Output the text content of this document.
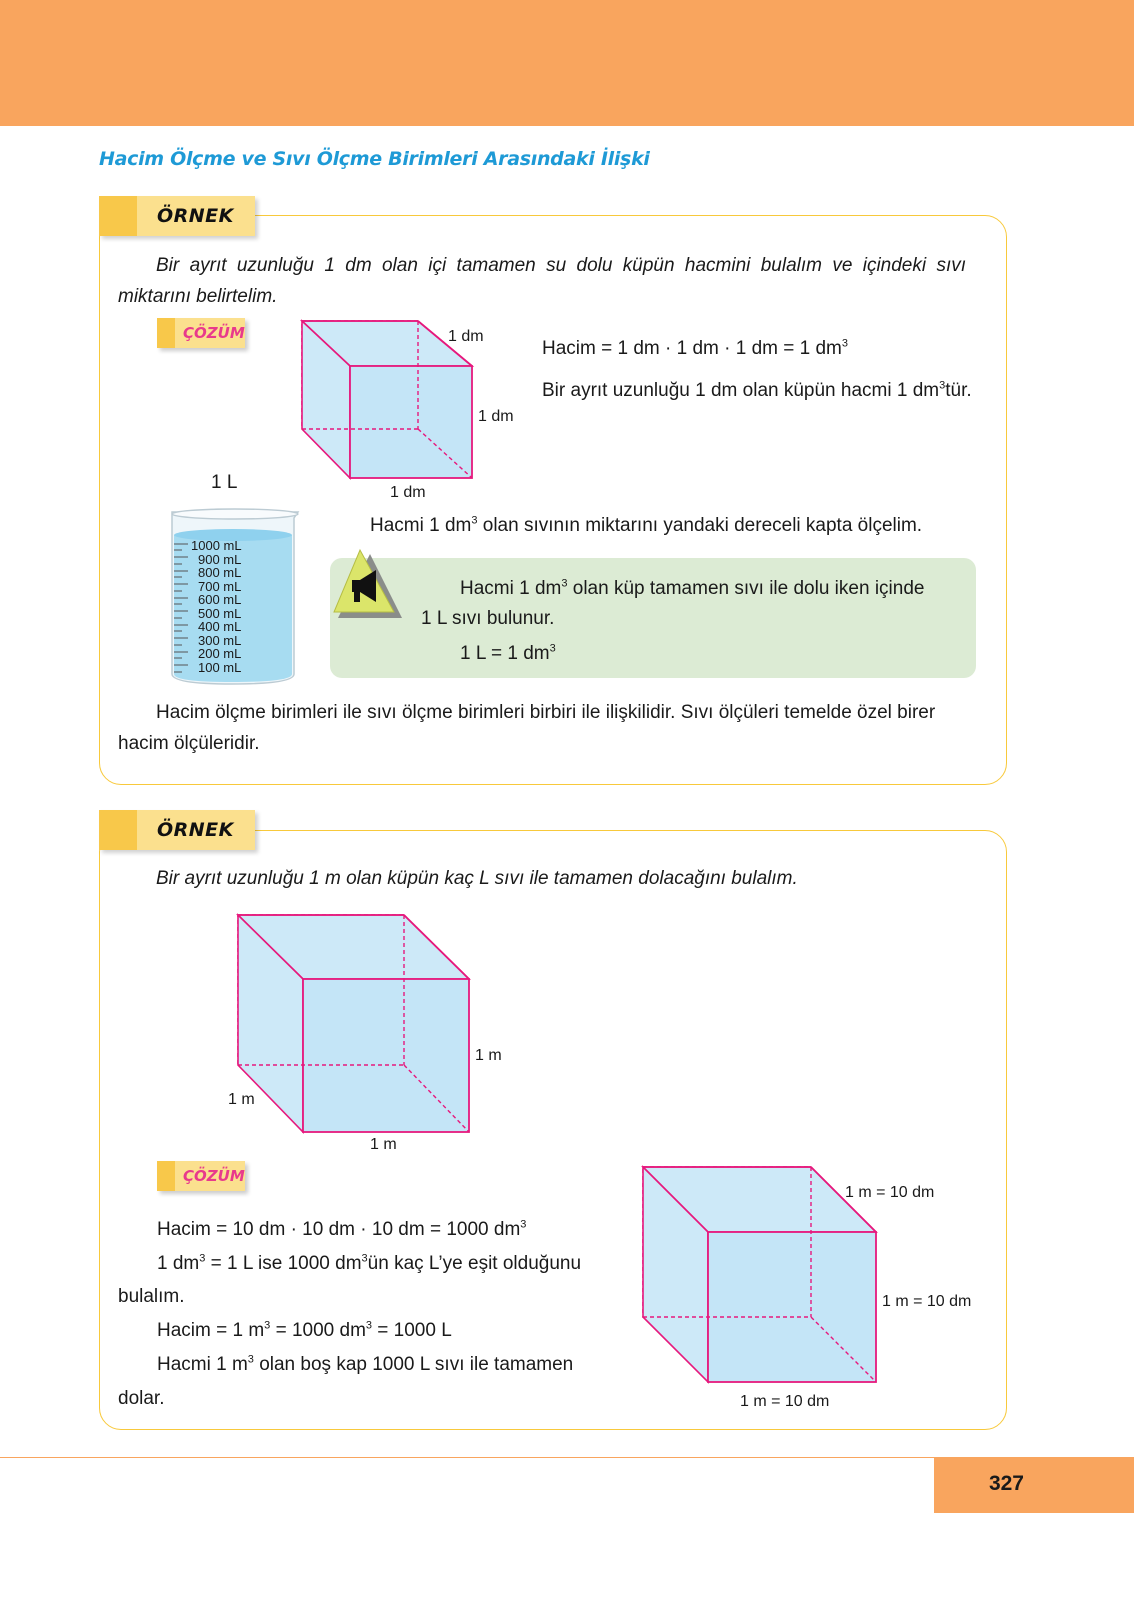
Hacim Ölçme ve Sıvı Ölçme Birimleri Arasındaki İlişki
ÖRNEK
Bir ayrıt uzunluğu 1 dm olan içi tamamen su dolu küpün hacmini bulalım ve içindeki sıvı miktarını belirtelim.
ÇÖZÜM	1 dm
1 dm
1 dm
Hacim = 1 dm · 1 dm · 1 dm = 1 $dm^3$
Bir ayrıt uzunluğu 1 dm olan küpün hacmi 1 $dm^3tür$.
1 L
1000 mL
900 mL
800 mL
700 mL
600 mL
500 mL
400 mL
300 mL
200 mL
100 mL
Hacmi 1 $dm^3$ olan sıvının miktarını yandaki dereceli kapta ölçelim.
Hacmi 1 $dm^3$ olan küp tamamen sıvı ile dolu iken içinde
1 L sıvı bulunur.
1 L = 1 $dm^3$
Hacim ölçme birimleri ile sıvı ölçme birimleri birbiri ile ilişkilidir. Sıvı ölçüleri temelde özel birer hacim ölçüleridir.
ÖRNEK
Bir ayrıt uzunluğu 1 m olan küpün kaç L sıvı ile tamamen dolacağını bulalım.
1 m
1 m
1 m
ÇÖZÜM
Hacim = 10 dm · 10 dm · 10 dm = 1000 $dm^3$
1 $dm^3 = 1$ L ise 1000 $dm^3ün$ kaç L’ye eşit olduğunu
bulalım.
Hacim = 1 $m^3 = 1000$ $dm^3 = 1000$ L
Hacmi 1 $m^3$ olan boş kap 1000 L sıvı ile tamamen
dolar.
1 m = 10 dm
1 m = 10 dm
1 m = 10 dm
327
